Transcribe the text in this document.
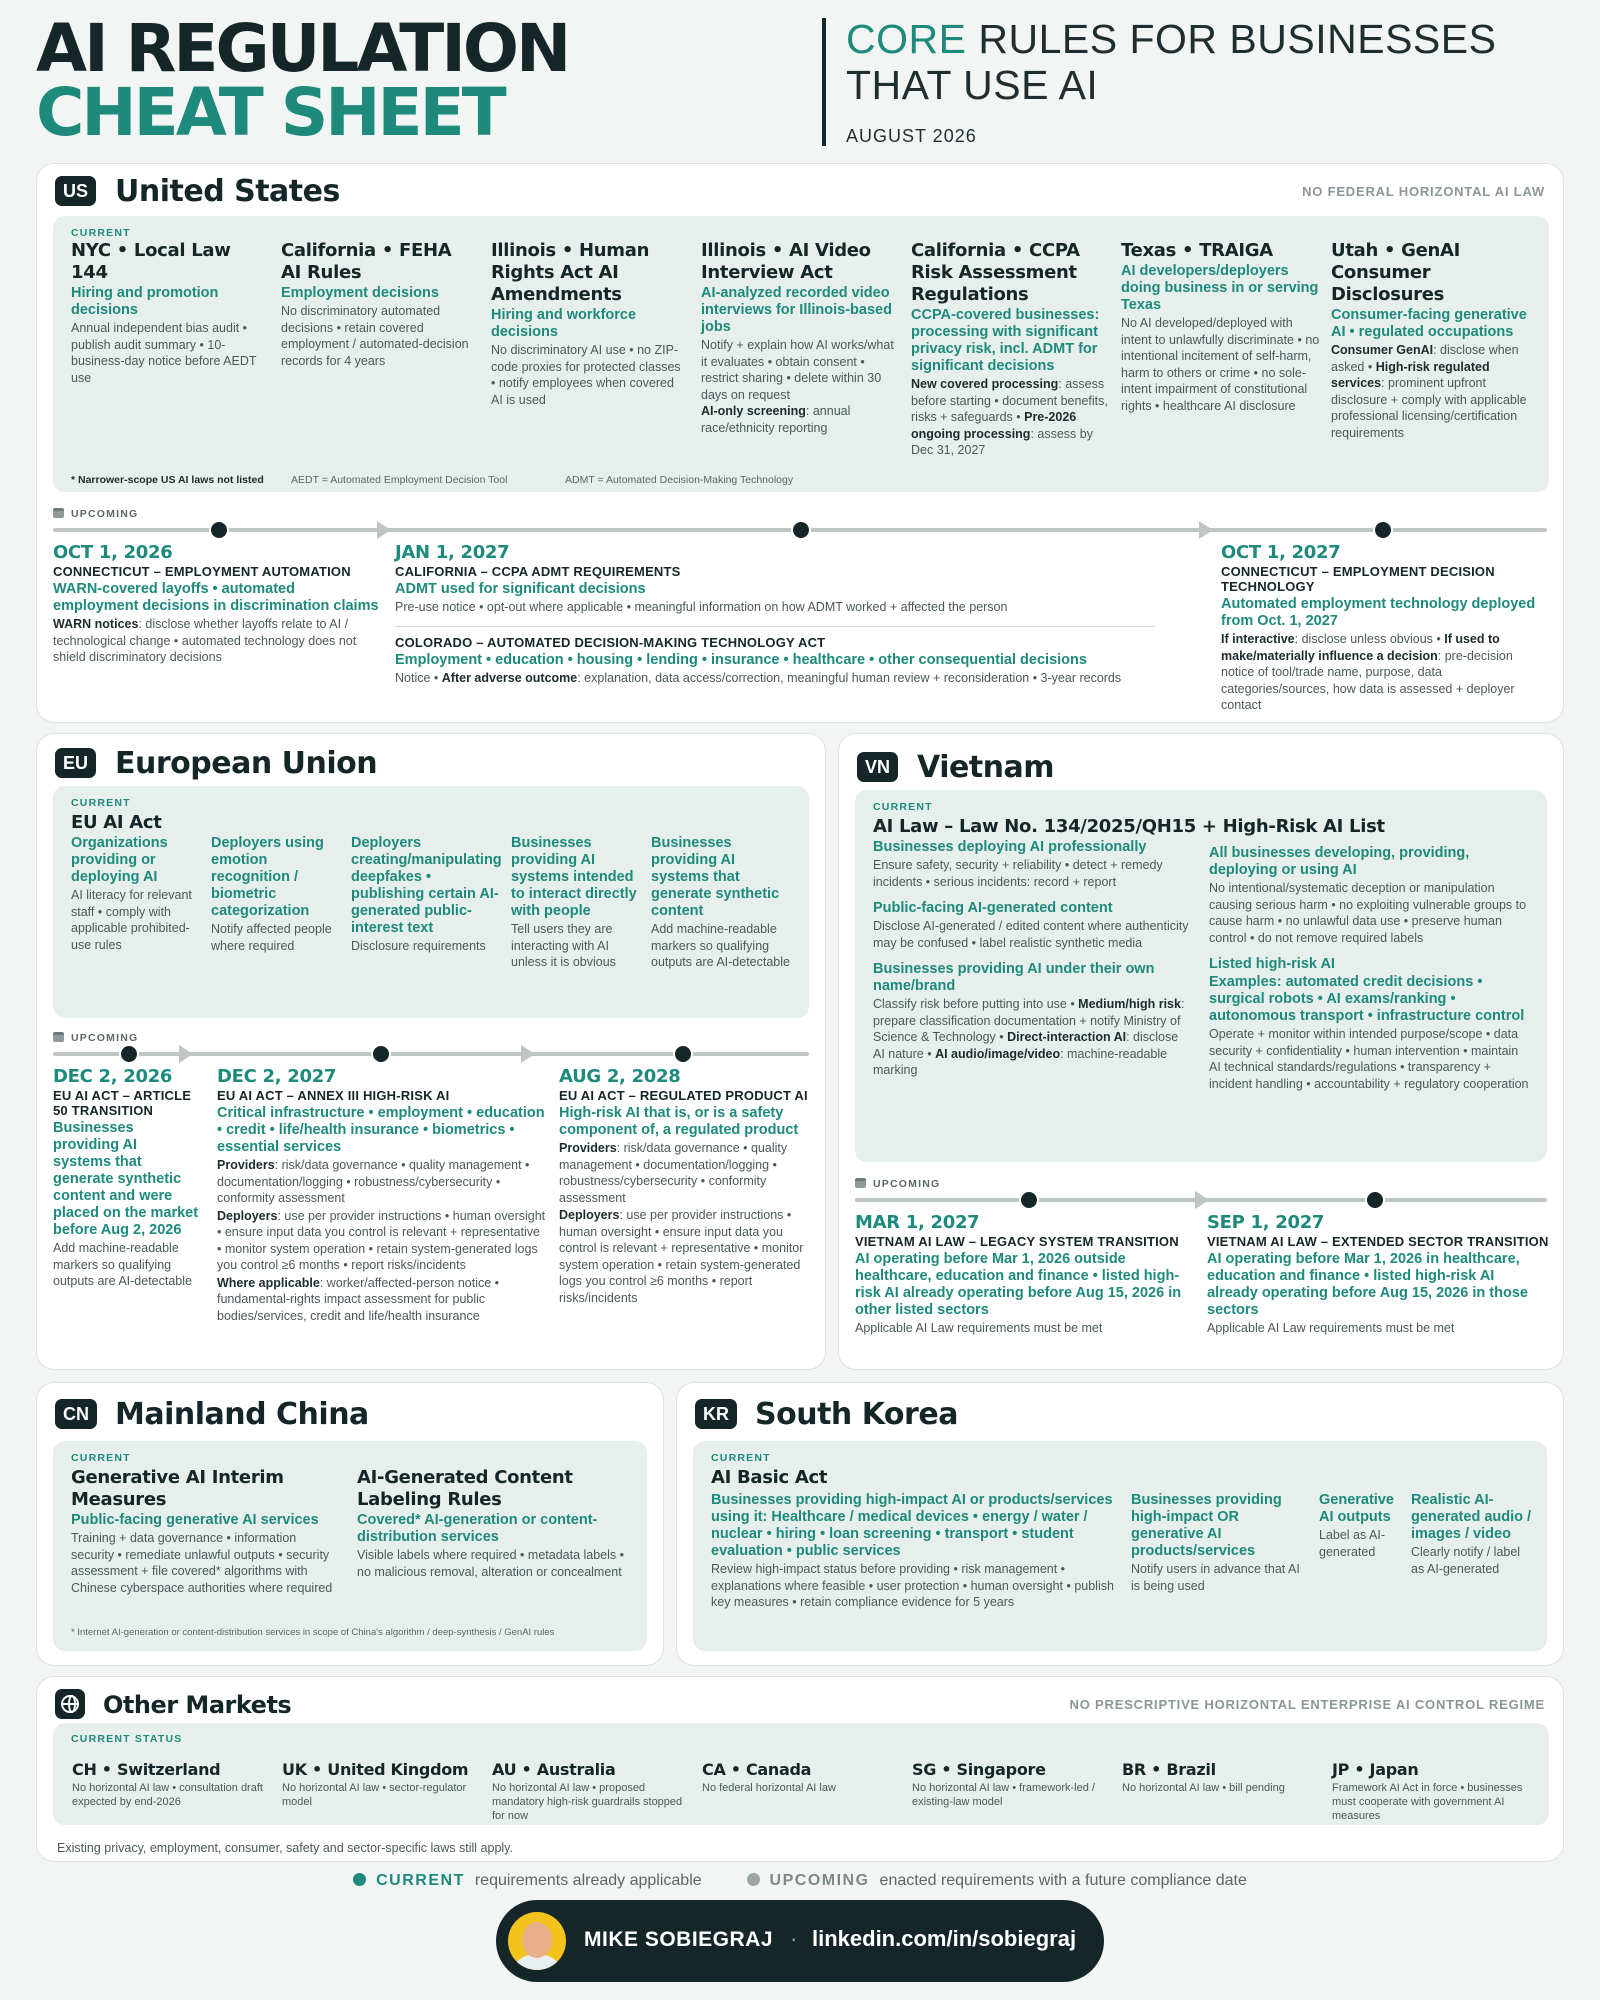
AI REGULATION
CHEAT SHEET
CORE RULES FOR BUSINESSES THAT USE AI
AUGUST 2026
US United States	NO FEDERAL HORIZONTAL AI LAW
CURRENT
NYC • Local Law 144
Hiring and promotion decisions
Annual independent bias audit • publish audit summary • 10-business-day notice before AEDT use
California • FEHA AI Rules
Employment decisions
No discriminatory automated decisions • retain covered employment / automated-decision records for 4 years
Illinois • Human Rights Act AI Amendments
Hiring and workforce decisions
No discriminatory AI use • no ZIP-code proxies for protected classes • notify employees when covered AI is used
Illinois • AI Video Interview Act
AI-analyzed recorded video interviews for Illinois-based jobs
Notify + explain how AI works/what it evaluates • obtain consent • restrict sharing • delete within 30 days on request
AI-only screening: annual race/ethnicity reporting
California • CCPA Risk Assessment Regulations
CCPA-covered businesses: processing with significant privacy risk, incl. ADMT for significant decisions
New covered processing: assess before starting • document benefits, risks + safeguards • Pre-2026 ongoing processing: assess by Dec 31, 2027
Texas • TRAIGA
AI developers/deployers doing business in or serving Texas
No AI developed/deployed with intent to unlawfully discriminate • no intentional incitement of self-harm, harm to others or crime • no sole-intent impairment of constitutional rights • healthcare AI disclosure
Utah • GenAI Consumer Disclosures
Consumer-facing generative AI • regulated occupations
Consumer GenAI: disclose when asked • High-risk regulated services: prominent upfront disclosure + comply with applicable professional licensing/certification requirements
* Narrower-scope US AI laws not listed	AEDT = Automated Employment Decision Tool	ADMT = Automated Decision-Making Technology
UPCOMING
OCT 1, 2026
CONNECTICUT – EMPLOYMENT AUTOMATION
WARN-covered layoffs • automated employment decisions in discrimination claims
WARN notices: disclose whether layoffs relate to AI / technological change • automated technology does not shield discriminatory decisions
JAN 1, 2027
CALIFORNIA – CCPA ADMT REQUIREMENTS
ADMT used for significant decisions
Pre-use notice • opt-out where applicable • meaningful information on how ADMT worked + affected the person
COLORADO – AUTOMATED DECISION-MAKING TECHNOLOGY ACT
Employment • education • housing • lending • insurance • healthcare • other consequential decisions
Notice • After adverse outcome: explanation, data access/correction, meaningful human review + reconsideration • 3-year records
OCT 1, 2027
CONNECTICUT – EMPLOYMENT DECISION TECHNOLOGY
Automated employment technology deployed from Oct. 1, 2027
If interactive: disclose unless obvious • If used to make/materially influence a decision: pre-decision notice of tool/trade name, purpose, data categories/sources, how data is assessed + deployer contact
EU European Union
CURRENT
EU AI Act
Organizations providing or deploying AI
AI literacy for relevant staff • comply with applicable prohibited-use rules
Deployers using emotion recognition / biometric categorization
Notify affected people where required
Deployers creating/manipulating deepfakes • publishing certain AI-generated public-interest text
Disclosure requirements
Businesses providing AI systems intended to interact directly with people
Tell users they are interacting with AI unless it is obvious
Businesses providing AI systems that generate synthetic content
Add machine-readable markers so qualifying outputs are AI-detectable
UPCOMING
DEC 2, 2026
EU AI ACT – ARTICLE 50 TRANSITION
Businesses providing AI systems that generate synthetic content and were placed on the market before Aug 2, 2026
Add machine-readable markers so qualifying outputs are AI-detectable
DEC 2, 2027
EU AI ACT – ANNEX III HIGH-RISK AI
Critical infrastructure • employment • education • credit • life/health insurance • biometrics • essential services
Providers: risk/data governance • quality management • documentation/logging • robustness/cybersecurity • conformity assessment
Deployers: use per provider instructions • human oversight • ensure input data you control is relevant + representative • monitor system operation • retain system-generated logs you control ≥6 months • report risks/incidents
Where applicable: worker/affected-person notice • fundamental-rights impact assessment for public bodies/services, credit and life/health insurance
AUG 2, 2028
EU AI ACT – REGULATED PRODUCT AI
High-risk AI that is, or is a safety component of, a regulated product
Providers: risk/data governance • quality management • documentation/logging • robustness/cybersecurity • conformity assessment
Deployers: use per provider instructions • human oversight • ensure input data you control is relevant + representative • monitor system operation • retain system-generated logs you control ≥6 months • report risks/incidents
VN Vietnam
CURRENT
AI Law – Law No. 134/2025/QH15 + High-Risk AI List
Businesses deploying AI professionally
Ensure safety, security + reliability • detect + remedy incidents • serious incidents: record + report
Public-facing AI-generated content
Disclose AI-generated / edited content where authenticity may be confused • label realistic synthetic media
Businesses providing AI under their own name/brand
Classify risk before putting into use • Medium/high risk: prepare classification documentation + notify Ministry of Science & Technology • Direct-interaction AI: disclose AI nature • AI audio/image/video: machine-readable marking
All businesses developing, providing, deploying or using AI
No intentional/systematic deception or manipulation causing serious harm • no exploiting vulnerable groups to cause harm • no unlawful data use • preserve human control • do not remove required labels
Listed high-risk AI
Examples: automated credit decisions • surgical robots • AI exams/ranking • autonomous transport • infrastructure control
Operate + monitor within intended purpose/scope • data security + confidentiality • human intervention • maintain AI technical standards/regulations • transparency + incident handling • accountability + regulatory cooperation
UPCOMING
MAR 1, 2027
VIETNAM AI LAW – LEGACY SYSTEM TRANSITION
AI operating before Mar 1, 2026 outside healthcare, education and finance • listed high-risk AI already operating before Aug 15, 2026 in other listed sectors
Applicable AI Law requirements must be met
SEP 1, 2027
VIETNAM AI LAW – EXTENDED SECTOR TRANSITION
AI operating before Mar 1, 2026 in healthcare, education and finance • listed high-risk AI already operating before Aug 15, 2026 in those sectors
Applicable AI Law requirements must be met
CN Mainland China
CURRENT
Generative AI Interim Measures
Public-facing generative AI services
Training + data governance • information security • remediate unlawful outputs • security assessment + file covered* algorithms with Chinese cyberspace authorities where required
AI-Generated Content Labeling Rules
Covered* AI-generation or content-distribution services
Visible labels where required • metadata labels • no malicious removal, alteration or concealment
* Internet AI-generation or content-distribution services in scope of China's algorithm / deep-synthesis / GenAI rules
KR South Korea
CURRENT
AI Basic Act
Businesses providing high-impact AI or products/services using it: Healthcare / medical devices • energy / water / nuclear • hiring • loan screening • transport • student evaluation • public services
Review high-impact status before providing • risk management • explanations where feasible • user protection • human oversight • publish key measures • retain compliance evidence for 5 years
Businesses providing high-impact OR generative AI products/services
Notify users in advance that AI is being used
Generative AI outputs
Label as AI-generated
Realistic AI-generated audio / images / video
Clearly notify / label as AI-generated
Other Markets	NO PRESCRIPTIVE HORIZONTAL ENTERPRISE AI CONTROL REGIME
CURRENT STATUS
Existing privacy, employment, consumer, safety and sector-specific laws still apply.
CH • Switzerland
No horizontal AI law • consultation draft expected by end-2026
UK • United Kingdom
No horizontal AI law • sector-regulator model
AU • Australia
No horizontal AI law • proposed mandatory high-risk guardrails stopped for now
CA • Canada
No federal horizontal AI law
SG • Singapore
No horizontal AI law • framework-led / existing-law model
BR • Brazil
No horizontal AI law • bill pending
JP • Japan
Framework AI Act in force • businesses must cooperate with government AI measures
CURRENT requirements already applicable	UPCOMING enacted requirements with a future compliance date
MIKE SOBIEGRAJ · linkedin.com/in/sobiegraj
